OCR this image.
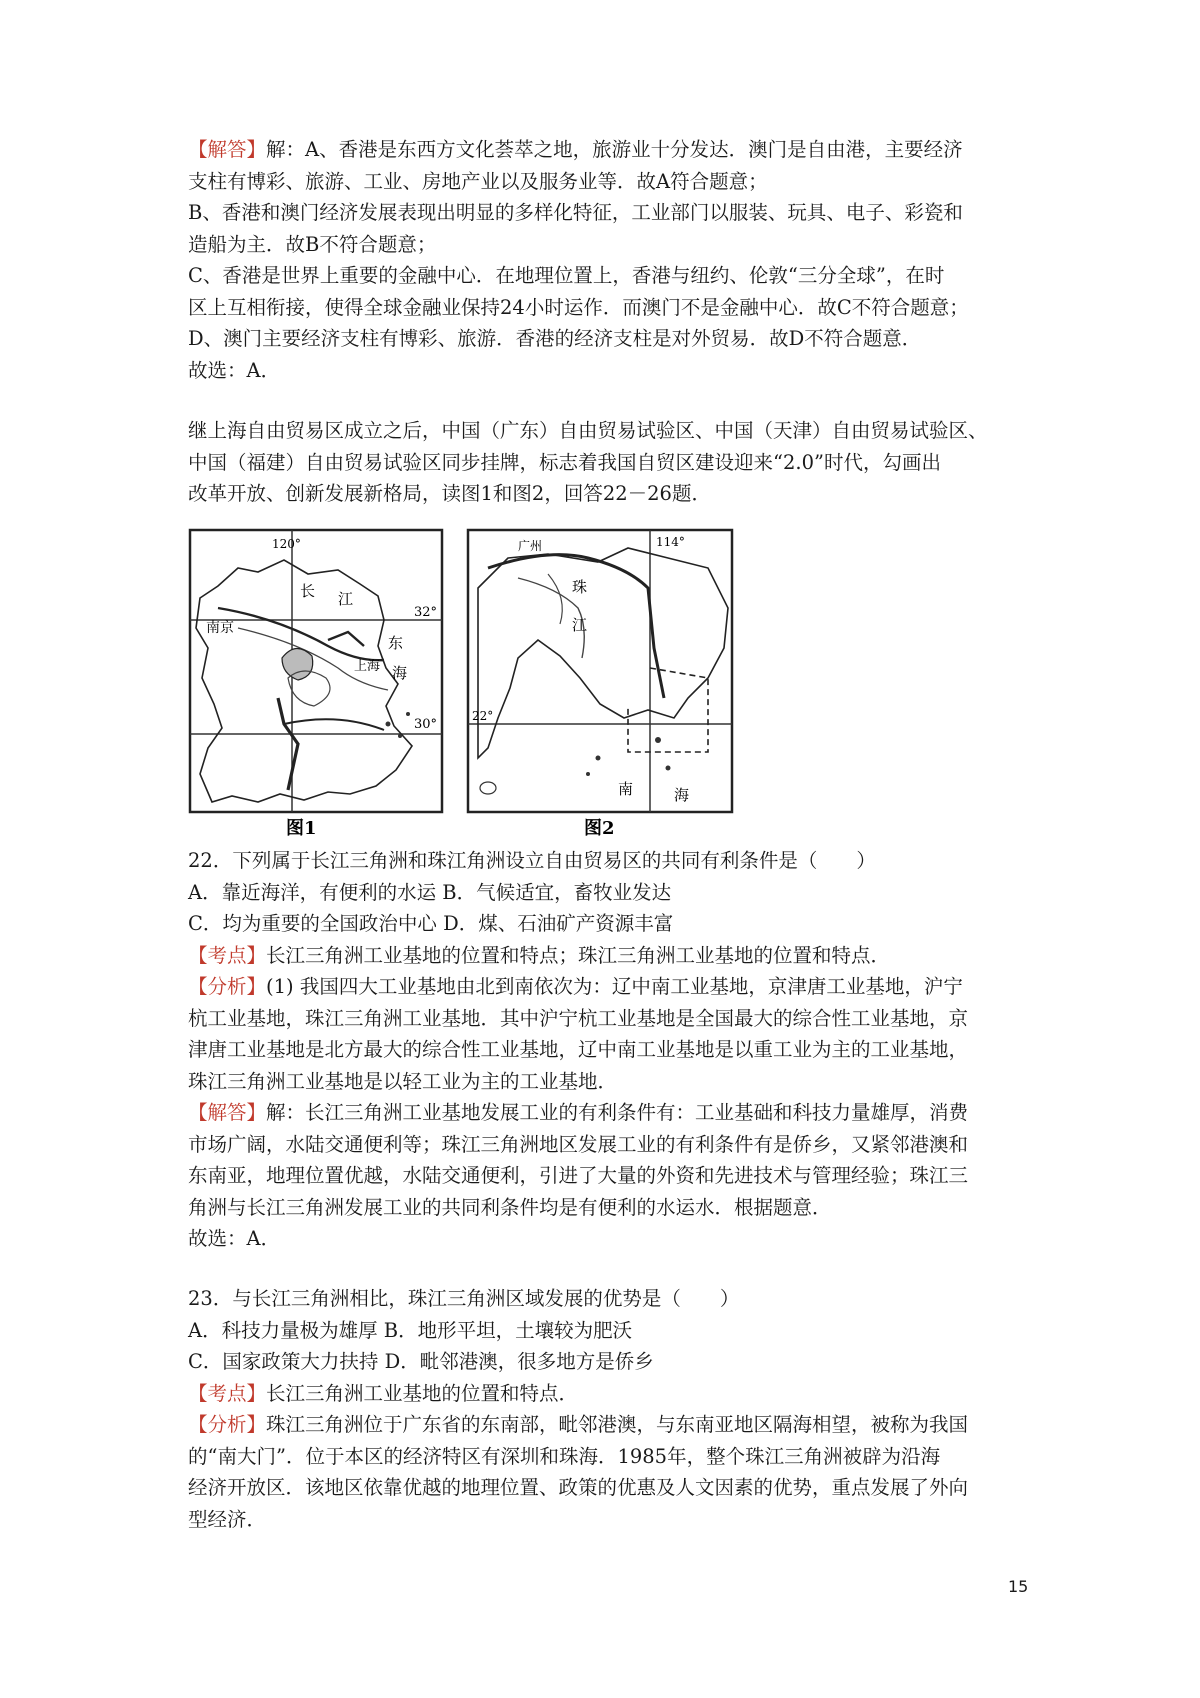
【解答】解：A、香港是东西方文化荟萃之地，旅游业十分发达．澳门是自由港，主要经济
支柱有博彩、旅游、工业、房地产业以及服务业等．故A符合题意；
B、香港和澳门经济发展表现出明显的多样化特征，工业部门以服装、玩具、电子、彩瓷和
造船为主．故B不符合题意；
C、香港是世界上重要的金融中心．在地理位置上，香港与纽约、伦敦“三分全球”，在时
区上互相衔接，使得全球金融业保持24小时运作．而澳门不是金融中心．故C不符合题意；
D、澳门主要经济支柱有博彩、旅游．香港的经济支柱是对外贸易．故D不符合题意．
故选：A．
继上海自由贸易区成立之后，中国（广东）自由贸易试验区、中国（天津）自由贸易试验区、
中国（福建）自由贸易试验区同步挂牌，标志着我国自贸区建设迎来“2.0”时代，勾画出
改革开放、创新发展新格局，读图1和图2，回答22－26题．
120°
32°
30°
南京
长 江
东
海
上海
图1
114°
22°
广州
珠
江
南	海
图2
22．下列属于长江三角洲和珠江角洲设立自由贸易区的共同有利条件是（　　）
A．靠近海洋，有便利的水运 B．气候适宜，畜牧业发达
C．均为重要的全国政治中心 D．煤、石油矿产资源丰富
【考点】长江三角洲工业基地的位置和特点；珠江三角洲工业基地的位置和特点．
【分析】(1) 我国四大工业基地由北到南依次为：辽中南工业基地，京津唐工业基地，沪宁
杭工业基地，珠江三角洲工业基地．其中沪宁杭工业基地是全国最大的综合性工业基地，京
津唐工业基地是北方最大的综合性工业基地，辽中南工业基地是以重工业为主的工业基地，
珠江三角洲工业基地是以轻工业为主的工业基地．
【解答】解：长江三角洲工业基地发展工业的有利条件有：工业基础和科技力量雄厚，消费
市场广阔，水陆交通便利等；珠江三角洲地区发展工业的有利条件有是侨乡，又紧邻港澳和
东南亚，地理位置优越，水陆交通便利，引进了大量的外资和先进技术与管理经验；珠江三
角洲与长江三角洲发展工业的共同利条件均是有便利的水运水．根据题意．
故选：A．
23．与长江三角洲相比，珠江三角洲区域发展的优势是（　　）
A．科技力量极为雄厚 B．地形平坦，土壤较为肥沃
C．国家政策大力扶持 D．毗邻港澳，很多地方是侨乡
【考点】长江三角洲工业基地的位置和特点．
【分析】珠江三角洲位于广东省的东南部，毗邻港澳，与东南亚地区隔海相望，被称为我国
的“南大门”．位于本区的经济特区有深圳和珠海．1985年，整个珠江三角洲被辟为沿海
经济开放区．该地区依靠优越的地理位置、政策的优惠及人文因素的优势，重点发展了外向
型经济．
15
